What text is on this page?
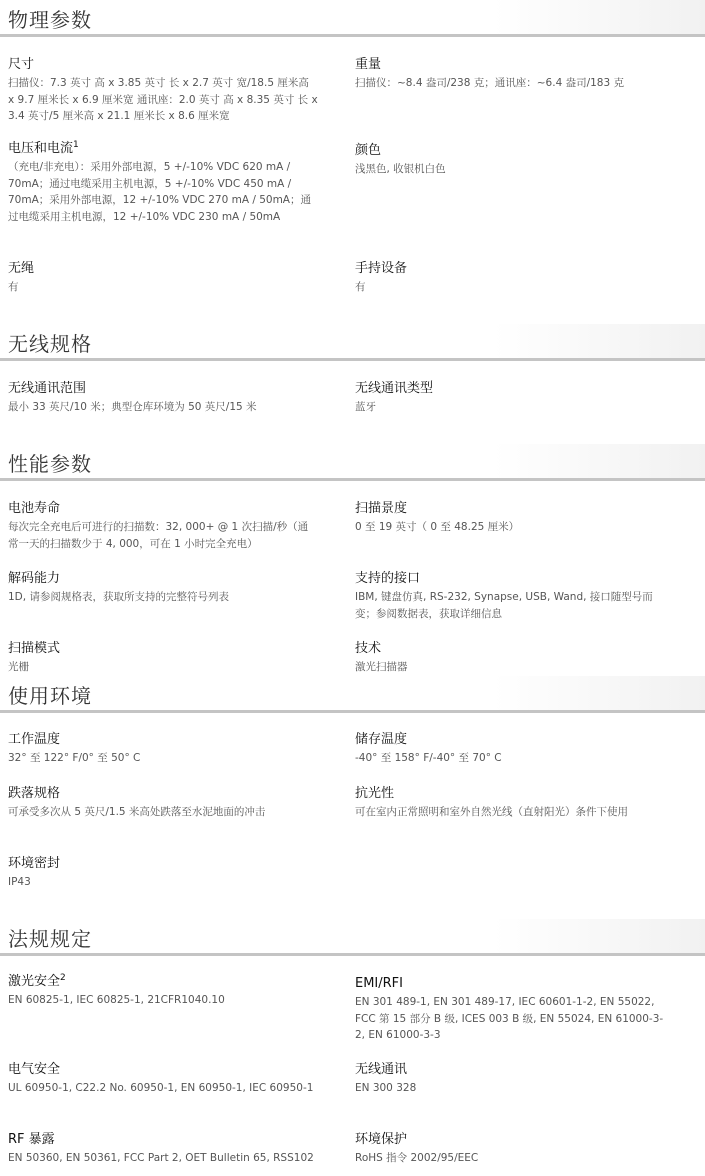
物理参数
尺寸
扫描仪：7.3 英寸 高 x 3.85 英寸 长 x 2.7 英寸 宽/18.5 厘米高 x 9.7 厘米长 x 6.9 厘米宽 通讯座：2.0 英寸 高 x 8.35 英寸 长 x 3.4 英寸/5 厘米高 x 21.1 厘米长 x 8.6 厘米宽
重量
扫描仪：~8.4 盎司/238 克；通讯座：~6.4 盎司/183 克
电压和电流$^1$
（充电/非充电）：采用外部电源，5 +/-10% VDC 620 mA / 70mA；通过电缆采用主机电源，5 +/-10% VDC 450 mA / 70mA；采用外部电源，12 +/-10% VDC 270 mA / 50mA；通过电缆采用主机电源，12 +/-10% VDC 230 mA / 50mA
颜色
浅黑色, 收银机白色
无绳
有
手持设备
有
无线规格
无线通讯范围
最小 33 英尺/10 米；典型仓库环境为 50 英尺/15 米
无线通讯类型
蓝牙
性能参数
电池寿命
每次完全充电后可进行的扫描数：32, 000+ @ 1 次扫描/秒（通常一天的扫描数少于 4, 000，可在 1 小时完全充电）
扫描景度
0 至 19 英寸（ 0 至 48.25 厘米）
解码能力
1D, 请参阅规格表，获取所支持的完整符号列表
支持的接口
IBM, 键盘仿真, RS-232, Synapse, USB, Wand, 接口随型号而变；参阅数据表，获取详细信息
扫描模式
光栅
技术
激光扫描器
使用环境
工作温度
32° 至 122° F/0° 至 50° C
储存温度
-40° 至 158° F/-40° 至 70° C
跌落规格
可承受多次从 5 英尺/1.5 米高处跌落至水泥地面的冲击
抗光性
可在室内正常照明和室外自然光线（直射阳光）条件下使用
环境密封
IP43
法规规定
激光安全$^2$
EN 60825-1, IEC 60825-1, 21CFR1040.10
EMI/RFI
EN 301 489-1, EN 301 489-17, IEC 60601-1-2, EN 55022, FCC 第 15 部分 B 级, ICES 003 B 级, EN 55024, EN 61000-3-2, EN 61000-3-3
电气安全
UL 60950-1, C22.2 No. 60950-1, EN 60950-1, IEC 60950-1
无线通讯
EN 300 328
RF 暴露
EN 50360, EN 50361, FCC Part 2, OET Bulletin 65, RSS102
环境保护
RoHS 指令 2002/95/EEC
